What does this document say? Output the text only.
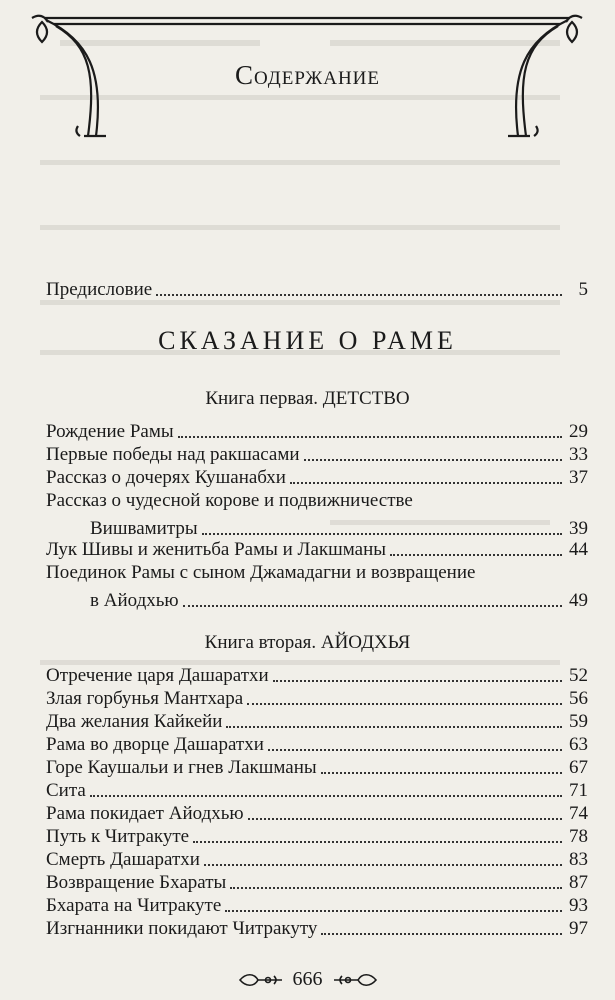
Содержание
Предисловие	5
СКАЗАНИЕ О РАМЕ
Книга первая. ДЕТСТВО
Рождение Рамы	29
Первые победы над ракшасами	33
Рассказ о дочерях Кушанабхи	37
Рассказ о чудесной корове и подвижничестве
Вишвамитры	39
Лук Шивы и женитьба Рамы и Лакшманы	44
Поединок Рамы с сыном Джамадагни и возвращение
в Айодхью	49
Книга вторая. АЙОДХЬЯ
Отречение царя Дашаратхи	52
Злая горбунья Мантхара	56
Два желания Кайкейи	59
Рама во дворце Дашаратхи	63
Горе Каушальи и гнев Лакшманы	67
Сита	71
Рама покидает Айодхью	74
Путь к Читракуте	78
Смерть Дашаратхи	83
Возвращение Бхараты	87
Бхарата на Читракуте	93
Изгнанники покидают Читракуту	97
666
